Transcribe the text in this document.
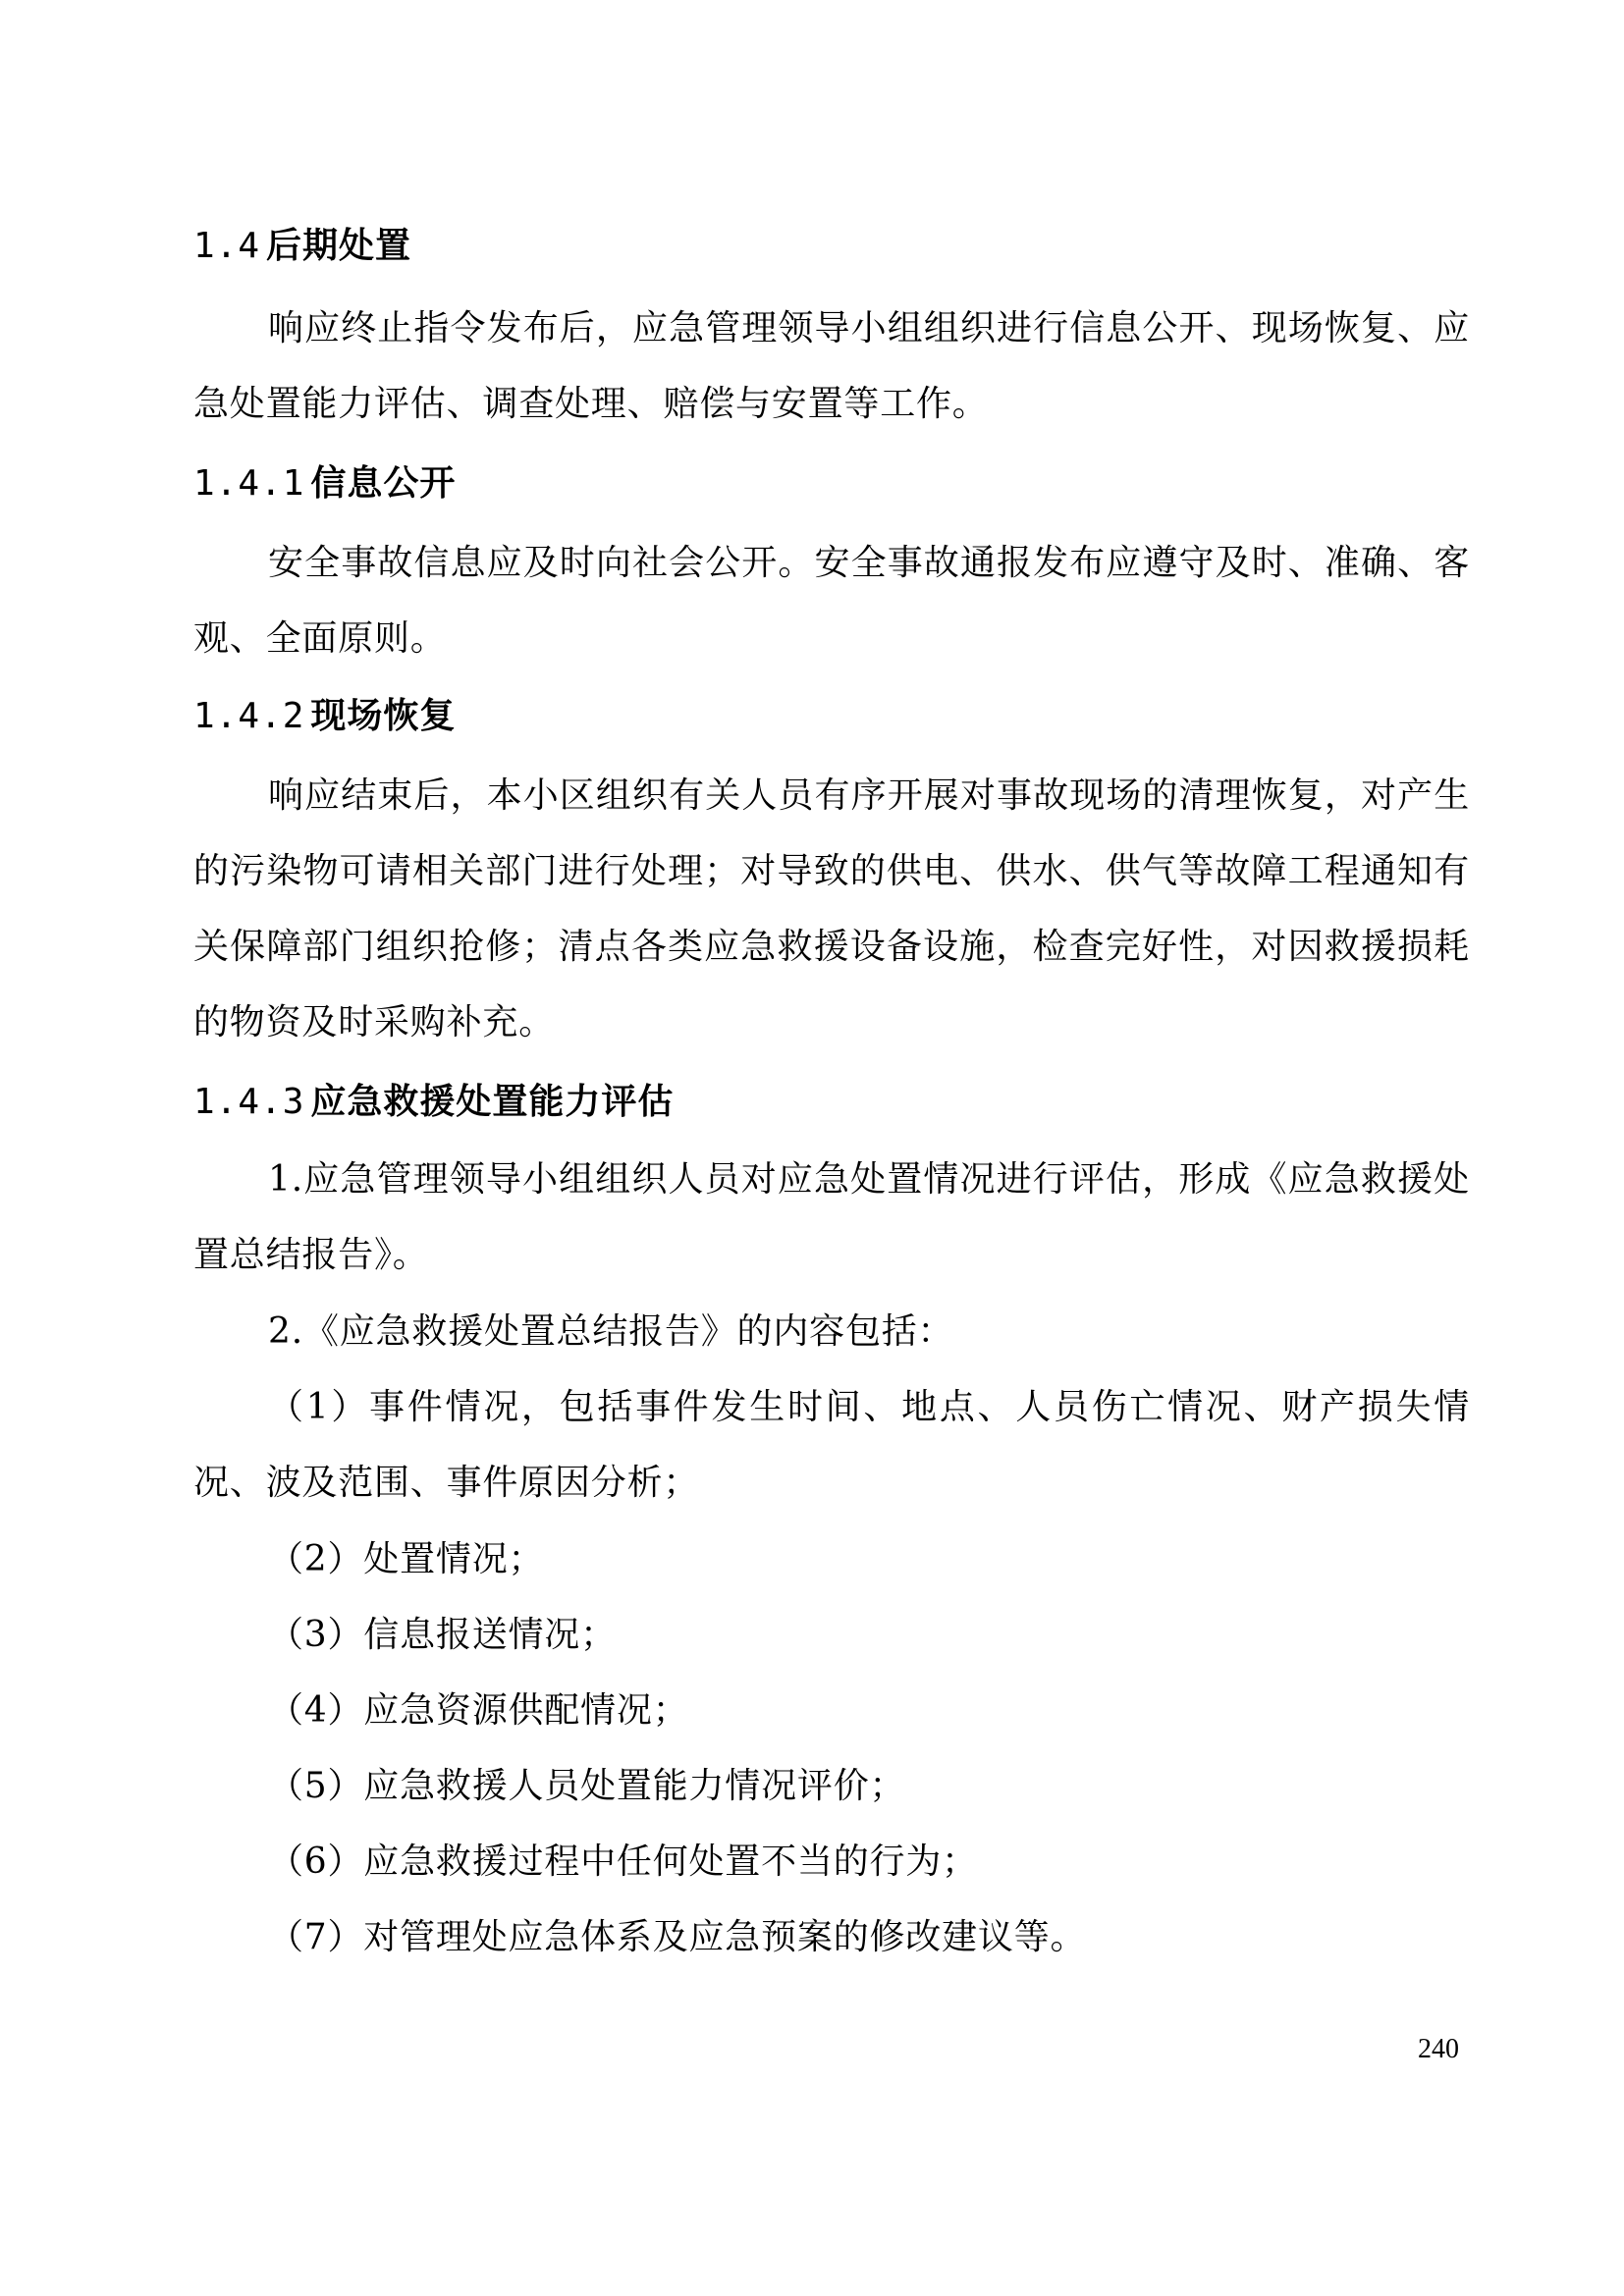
1.4 后期处置
响应终止指令发布后，应急管理领导小组组织进行信息公开、现场恢复、应急处置能力评估、调查处理、赔偿与安置等工作。
1.4.1 信息公开
安全事故信息应及时向社会公开。安全事故通报发布应遵守及时、准确、客观、全面原则。
1.4.2 现场恢复
响应结束后，本小区组织有关人员有序开展对事故现场的清理恢复，对产生的污染物可请相关部门进行处理；对导致的供电、供水、供气等故障工程通知有关保障部门组织抢修；清点各类应急救援设备设施，检查完好性，对因救援损耗的物资及时采购补充。
1.4.3 应急救援处置能力评估
1.应急管理领导小组组织人员对应急处置情况进行评估，形成《应急救援处置总结报告》。
2.《应急救援处置总结报告》的内容包括：
（1）事件情况，包括事件发生时间、地点、人员伤亡情况、财产损失情况、波及范围、事件原因分析；
（2）处置情况；
（3）信息报送情况；
（4）应急资源供配情况；
（5）应急救援人员处置能力情况评价；
（6）应急救援过程中任何处置不当的行为；
（7）对管理处应急体系及应急预案的修改建议等。
240
